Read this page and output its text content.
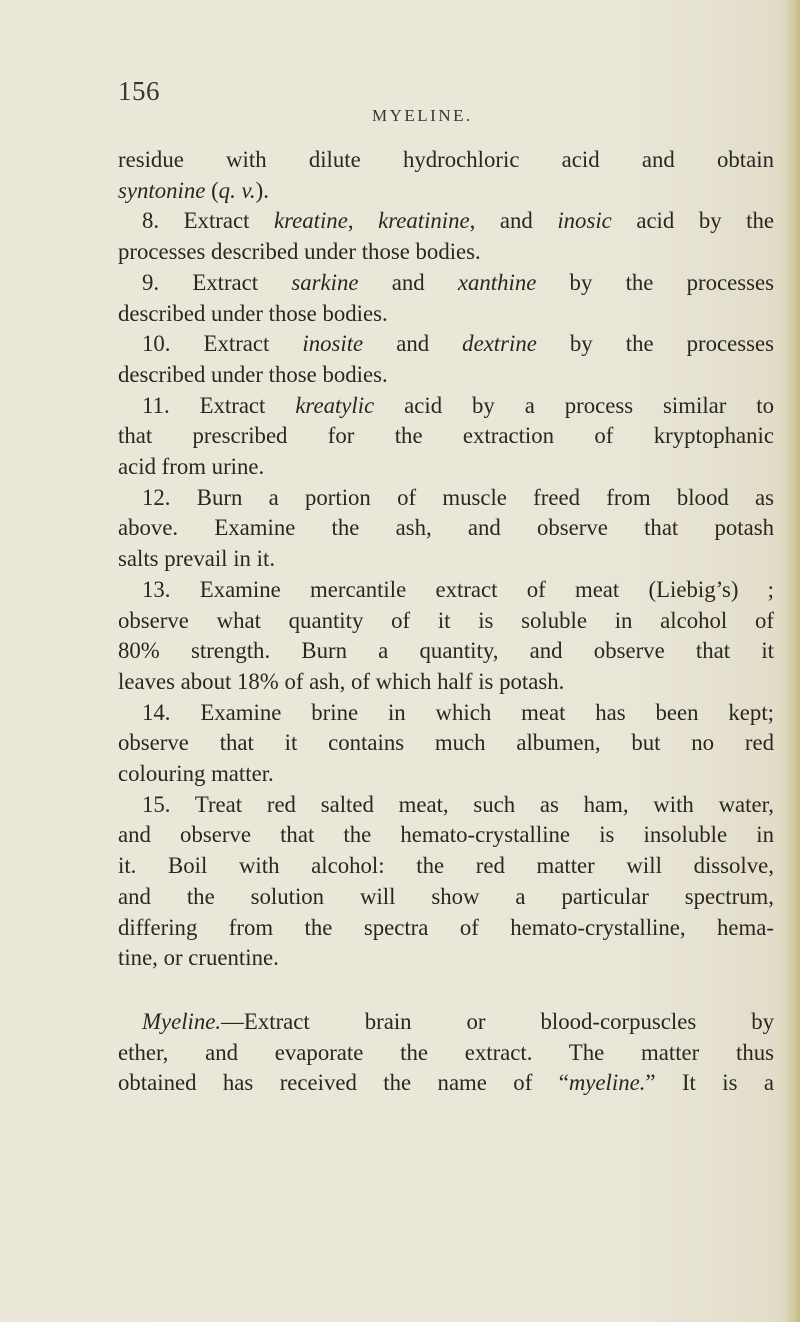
156
MYELINE.

residue with dilute hydrochloric acid and obtain
syntonine (q. v.).

8. Extract kreatine, kreatinine, and inosic acid by the
processes described under those bodies.

9. Extract sarkine and xanthine by the processes
described under those bodies.

10. Extract inosite and dextrine by the processes
described under those bodies.

11. Extract kreatylic acid by a process similar to
that prescribed for the extraction of kryptophanic
acid from urine.

12. Burn a portion of muscle freed from blood as
above. Examine the ash, and observe that potash
salts prevail in it.

13. Examine mercantile extract of meat (Liebig’s) ;
observe what quantity of it is soluble in alcohol of
80% strength. Burn a quantity, and observe that it
leaves about 18% of ash, of which half is potash.

14. Examine brine in which meat has been kept;
observe that it contains much albumen, but no red
colouring matter.

15. Treat red salted meat, such as ham, with water,
and observe that the hemato-crystalline is insoluble in
it. Boil with alcohol: the red matter will dissolve,
and the solution will show a particular spectrum,
differing from the spectra of hemato-crystalline, hema-
tine, or cruentine.

Myeline.—Extract brain or blood-corpuscles by
ether, and evaporate the extract. The matter thus
obtained has received the name of “myeline.” It is a
